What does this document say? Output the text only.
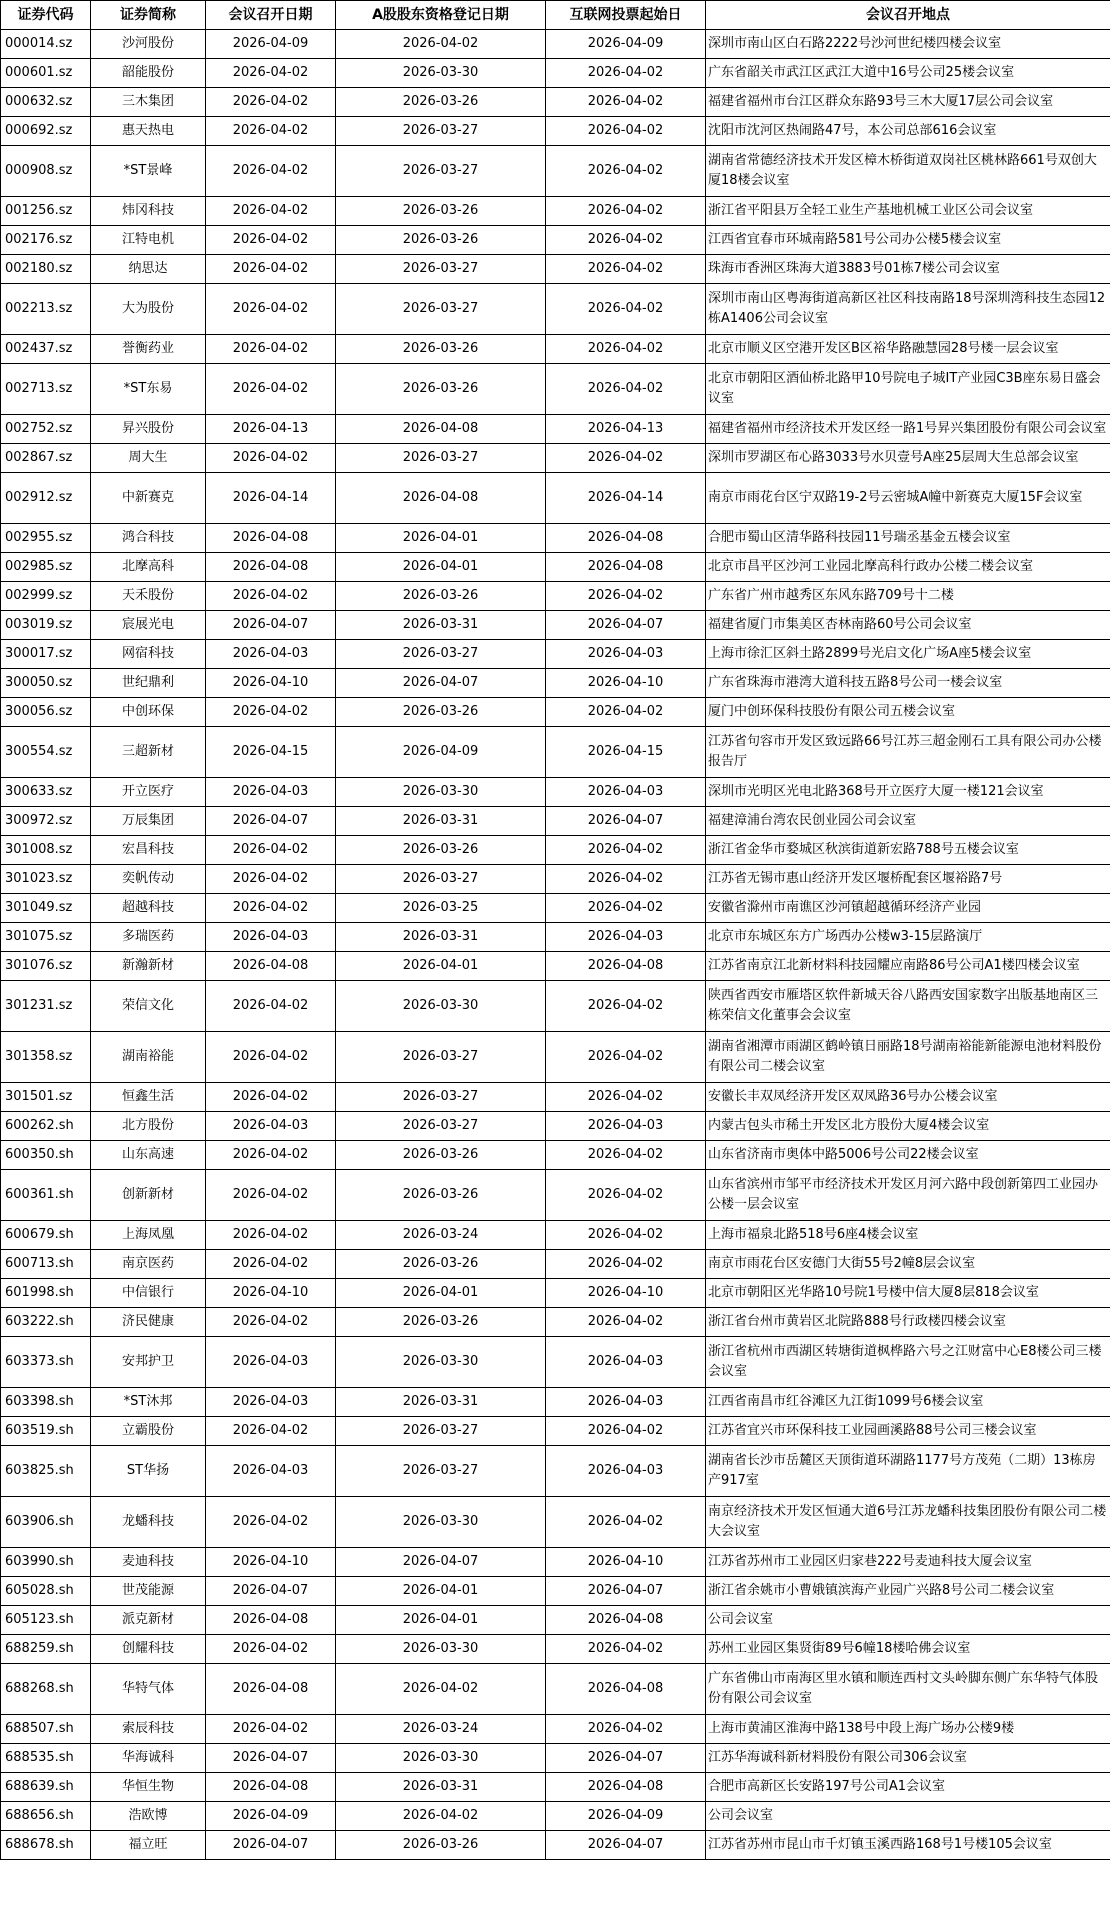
证券代码	证券简称	会议召开日期	A股股东资格登记日期	互联网投票起始日	会议召开地点
000014.sz	沙河股份	2026-04-09	2026-04-02	2026-04-09	深圳市南山区白石路2222号沙河世纪楼四楼会议室
000601.sz	韶能股份	2026-04-02	2026-03-30	2026-04-02	广东省韶关市武江区武江大道中16号公司25楼会议室
000632.sz	三木集团	2026-04-02	2026-03-26	2026-04-02	福建省福州市台江区群众东路93号三木大厦17层公司会议室
000692.sz	惠天热电	2026-04-02	2026-03-27	2026-04-02	沈阳市沈河区热闹路47号，本公司总部616会议室
000908.sz	*ST景峰	2026-04-02	2026-03-27	2026-04-02	湖南省常德经济技术开发区樟木桥街道双岗社区桃林路661号双创大厦18楼会议室
001256.sz	炜冈科技	2026-04-02	2026-03-26	2026-04-02	浙江省平阳县万全轻工业生产基地机械工业区公司会议室
002176.sz	江特电机	2026-04-02	2026-03-26	2026-04-02	江西省宜春市环城南路581号公司办公楼5楼会议室
002180.sz	纳思达	2026-04-02	2026-03-27	2026-04-02	珠海市香洲区珠海大道3883号01栋7楼公司会议室
002213.sz	大为股份	2026-04-02	2026-03-27	2026-04-02	深圳市南山区粤海街道高新区社区科技南路18号深圳湾科技生态园12栋A1406公司会议室
002437.sz	誉衡药业	2026-04-02	2026-03-26	2026-04-02	北京市顺义区空港开发区B区裕华路融慧园28号楼一层会议室
002713.sz	*ST东易	2026-04-02	2026-03-26	2026-04-02	北京市朝阳区酒仙桥北路甲10号院电子城IT产业园C3B座东易日盛会议室
002752.sz	昇兴股份	2026-04-13	2026-04-08	2026-04-13	福建省福州市经济技术开发区经一路1号昇兴集团股份有限公司会议室
002867.sz	周大生	2026-04-02	2026-03-27	2026-04-02	深圳市罗湖区布心路3033号水贝壹号A座25层周大生总部会议室
002912.sz	中新赛克	2026-04-14	2026-04-08	2026-04-14	南京市雨花台区宁双路19-2号云密城A幢中新赛克大厦15F会议室
002955.sz	鸿合科技	2026-04-08	2026-04-01	2026-04-08	合肥市蜀山区清华路科技园11号瑞丞基金五楼会议室
002985.sz	北摩高科	2026-04-08	2026-04-01	2026-04-08	北京市昌平区沙河工业园北摩高科行政办公楼二楼会议室
002999.sz	天禾股份	2026-04-02	2026-03-26	2026-04-02	广东省广州市越秀区东风东路709号十二楼
003019.sz	宸展光电	2026-04-07	2026-03-31	2026-04-07	福建省厦门市集美区杏林南路60号公司会议室
300017.sz	网宿科技	2026-04-03	2026-03-27	2026-04-03	上海市徐汇区斜土路2899号光启文化广场A座5楼会议室
300050.sz	世纪鼎利	2026-04-10	2026-04-07	2026-04-10	广东省珠海市港湾大道科技五路8号公司一楼会议室
300056.sz	中创环保	2026-04-02	2026-03-26	2026-04-02	厦门中创环保科技股份有限公司五楼会议室
300554.sz	三超新材	2026-04-15	2026-04-09	2026-04-15	江苏省句容市开发区致远路66号江苏三超金刚石工具有限公司办公楼报告厅
300633.sz	开立医疗	2026-04-03	2026-03-30	2026-04-03	深圳市光明区光电北路368号开立医疗大厦一楼121会议室
300972.sz	万辰集团	2026-04-07	2026-03-31	2026-04-07	福建漳浦台湾农民创业园公司会议室
301008.sz	宏昌科技	2026-04-02	2026-03-26	2026-04-02	浙江省金华市婺城区秋滨街道新宏路788号五楼会议室
301023.sz	奕帆传动	2026-04-02	2026-03-27	2026-04-02	江苏省无锡市惠山经济开发区堰桥配套区堰裕路7号
301049.sz	超越科技	2026-04-02	2026-03-25	2026-04-02	安徽省滁州市南谯区沙河镇超越循环经济产业园
301075.sz	多瑞医药	2026-04-03	2026-03-31	2026-04-03	北京市东城区东方广场西办公楼w3-15层路演厅
301076.sz	新瀚新材	2026-04-08	2026-04-01	2026-04-08	江苏省南京江北新材料科技园耀应南路86号公司A1楼四楼会议室
301231.sz	荣信文化	2026-04-02	2026-03-30	2026-04-02	陕西省西安市雁塔区软件新城天谷八路西安国家数字出版基地南区三栋荣信文化董事会会议室
301358.sz	湖南裕能	2026-04-02	2026-03-27	2026-04-02	湖南省湘潭市雨湖区鹤岭镇日丽路18号湖南裕能新能源电池材料股份有限公司二楼会议室
301501.sz	恒鑫生活	2026-04-02	2026-03-27	2026-04-02	安徽长丰双凤经济开发区双凤路36号办公楼会议室
600262.sh	北方股份	2026-04-03	2026-03-27	2026-04-03	内蒙古包头市稀土开发区北方股份大厦4楼会议室
600350.sh	山东高速	2026-04-02	2026-03-26	2026-04-02	山东省济南市奥体中路5006号公司22楼会议室
600361.sh	创新新材	2026-04-02	2026-03-26	2026-04-02	山东省滨州市邹平市经济技术开发区月河六路中段创新第四工业园办公楼一层会议室
600679.sh	上海凤凰	2026-04-02	2026-03-24	2026-04-02	上海市福泉北路518号6座4楼会议室
600713.sh	南京医药	2026-04-02	2026-03-26	2026-04-02	南京市雨花台区安德门大街55号2幢8层会议室
601998.sh	中信银行	2026-04-10	2026-04-01	2026-04-10	北京市朝阳区光华路10号院1号楼中信大厦8层818会议室
603222.sh	济民健康	2026-04-02	2026-03-26	2026-04-02	浙江省台州市黄岩区北院路888号行政楼四楼会议室
603373.sh	安邦护卫	2026-04-03	2026-03-30	2026-04-03	浙江省杭州市西湖区转塘街道枫桦路六号之江财富中心E8楼公司三楼会议室
603398.sh	*ST沐邦	2026-04-03	2026-03-31	2026-04-03	江西省南昌市红谷滩区九江街1099号6楼会议室
603519.sh	立霸股份	2026-04-02	2026-03-27	2026-04-02	江苏省宜兴市环保科技工业园画溪路88号公司三楼会议室
603825.sh	ST华扬	2026-04-03	2026-03-27	2026-04-03	湖南省长沙市岳麓区天顶街道环湖路1177号方茂苑（二期）13栋房产917室
603906.sh	龙蟠科技	2026-04-02	2026-03-30	2026-04-02	南京经济技术开发区恒通大道6号江苏龙蟠科技集团股份有限公司二楼大会议室
603990.sh	麦迪科技	2026-04-10	2026-04-07	2026-04-10	江苏省苏州市工业园区归家巷222号麦迪科技大厦会议室
605028.sh	世茂能源	2026-04-07	2026-04-01	2026-04-07	浙江省余姚市小曹娥镇滨海产业园广兴路8号公司二楼会议室
605123.sh	派克新材	2026-04-08	2026-04-01	2026-04-08	公司会议室
688259.sh	创耀科技	2026-04-02	2026-03-30	2026-04-02	苏州工业园区集贤街89号6幢18楼哈佛会议室
688268.sh	华特气体	2026-04-08	2026-04-02	2026-04-08	广东省佛山市南海区里水镇和顺连西村文头岭脚东侧广东华特气体股份有限公司会议室
688507.sh	索辰科技	2026-04-02	2026-03-24	2026-04-02	上海市黄浦区淮海中路138号中段上海广场办公楼9楼
688535.sh	华海诚科	2026-04-07	2026-03-30	2026-04-07	江苏华海诚科新材料股份有限公司306会议室
688639.sh	华恒生物	2026-04-08	2026-03-31	2026-04-08	合肥市高新区长安路197号公司A1会议室
688656.sh	浩欧博	2026-04-09	2026-04-02	2026-04-09	公司会议室
688678.sh	福立旺	2026-04-07	2026-03-26	2026-04-07	江苏省苏州市昆山市千灯镇玉溪西路168号1号楼105会议室
